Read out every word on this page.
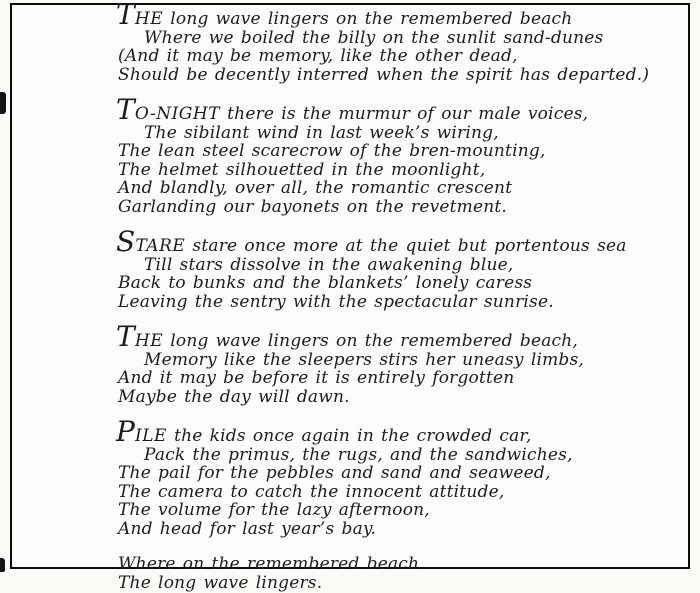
THE long wave lingers on the remembered beach
Where we boiled the billy on the sunlit sand-dunes
(And it may be memory, like the other dead,
Should be decently interred when the spirit has departed.)
TO-NIGHT there is the murmur of our male voices,
The sibilant wind in last week’s wiring,
The lean steel scarecrow of the bren-mounting,
The helmet silhouetted in the moonlight,
And blandly, over all, the romantic crescent
Garlanding our bayonets on the revetment.
STARE stare once more at the quiet but portentous sea
Till stars dissolve in the awakening blue,
Back to bunks and the blankets’ lonely caress
Leaving the sentry with the spectacular sunrise.
THE long wave lingers on the remembered beach,
Memory like the sleepers stirs her uneasy limbs,
And it may be before it is entirely forgotten
Maybe the day will dawn.
PILE the kids once again in the crowded car,
Pack the primus, the rugs, and the sandwiches,
The pail for the pebbles and sand and seaweed,
The camera to catch the innocent attitude,
The volume for the lazy afternoon,
And head for last year’s bay.
Where on the remembered beach
The long wave lingers.
